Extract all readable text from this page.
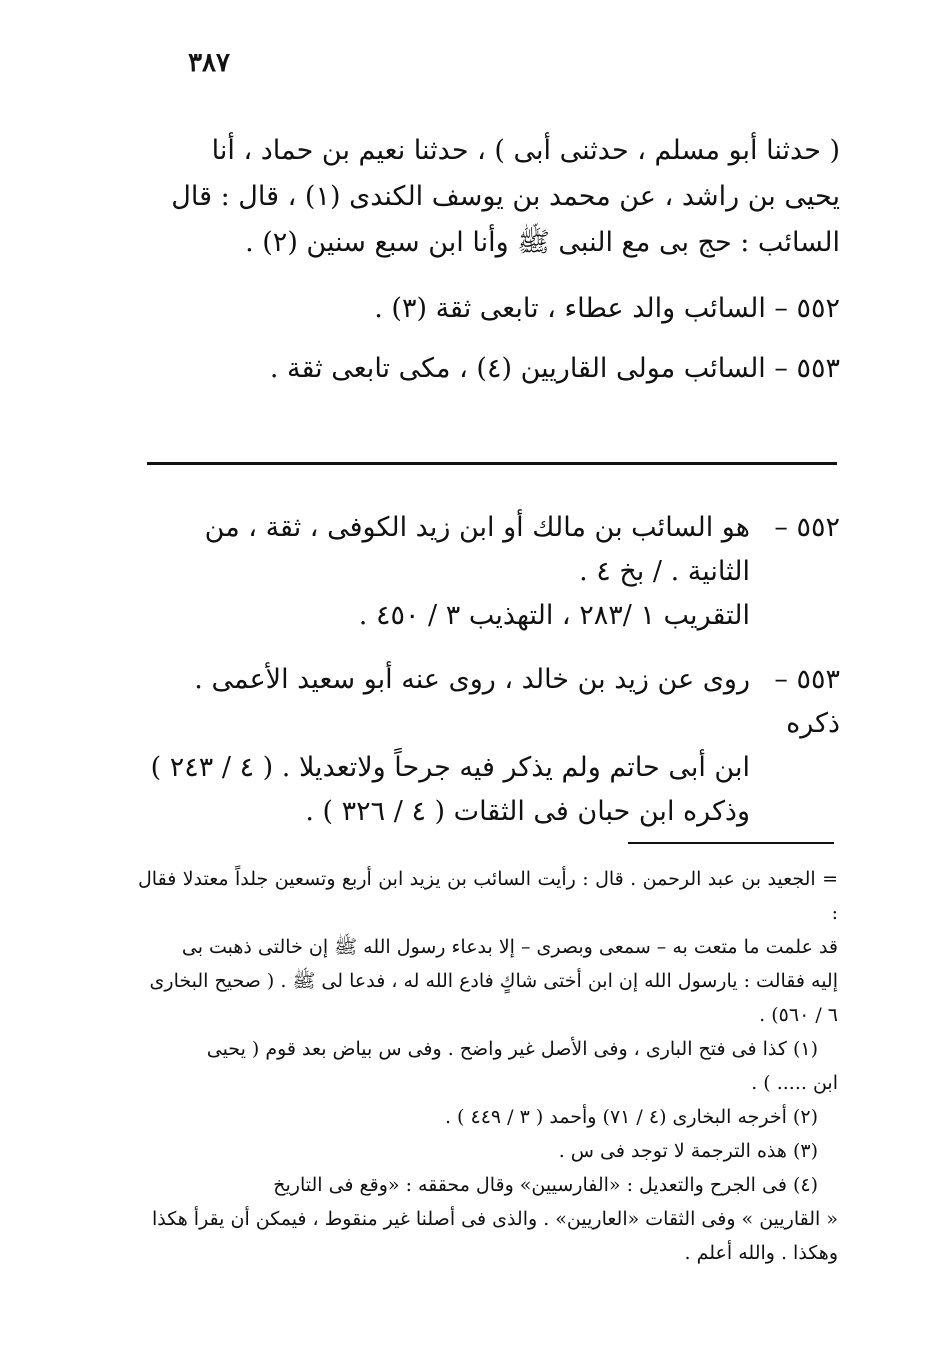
٣٨٧

( حدثنا أبو مسلم ، حدثنى أبى ) ، حدثنا نعيم بن حماد ، أنا

يحيى بن راشد ، عن محمد بن يوسف الكندى (١) ، قال : قال

السائب : حج بى مع النبى ﷺ وأنا ابن سبع سنين (٢) .

٥٥٢ – السائب والد عطاء ، تابعى ثقة (٣) .
٥٥٣ – السائب مولى القاريين (٤) ، مكى تابعى ثقة .
٥٥٢ –هو السائب بن مالك أو ابن زيد الكوفى ، ثقة ، من
الثانية . / بخ ٤ .
التقريب ١ /٢٨٣ ، التهذيب ٣ / ٤٥٠ .
٥٥٣ –روى عن زيد بن خالد ، روى عنه أبو سعيد الأعمى . ذكره
ابن أبى حاتم ولم يذكر فيه جرحاً ولاتعديلا . ( ٤ / ٢٤٣ )
وذكره ابن حبان فى الثقات ( ٤ / ٣٢٦ ) .

= الجعيد بن عبد الرحمن . قال : رأيت السائب بن يزيد ابن أربع وتسعين جلداً معتدلا فقال :

قد علمت ما متعت به – سمعى وبصرى – إلا بدعاء رسول الله ﷺ إن خالتى ذهبت بى

إليه فقالت : يارسول الله إن ابن أختى شاكٍ فادع الله له ، فدعا لى ﷺ . ( صحيح البخارى

٦ / ٥٦٠) .

(١) كذا فى فتح البارى ، وفى الأصل غير واضح . وفى س بياض بعد قوم ( يحيى

ابن ..... ) .

(٢) أخرجه البخارى (٤ / ٧١) وأحمد ( ٣ / ٤٤٩ ) .

(٣) هذه الترجمة لا توجد فى س .

(٤) فى الجرح والتعديل : «الفارسيين» وقال محققه : «وقع فى التاريخ

« القاريين » وفى الثقات «العاريين» . والذى فى أصلنا غير منقوط ، فيمكن أن يقرأ هكذا

وهكذا . والله أعلم .
